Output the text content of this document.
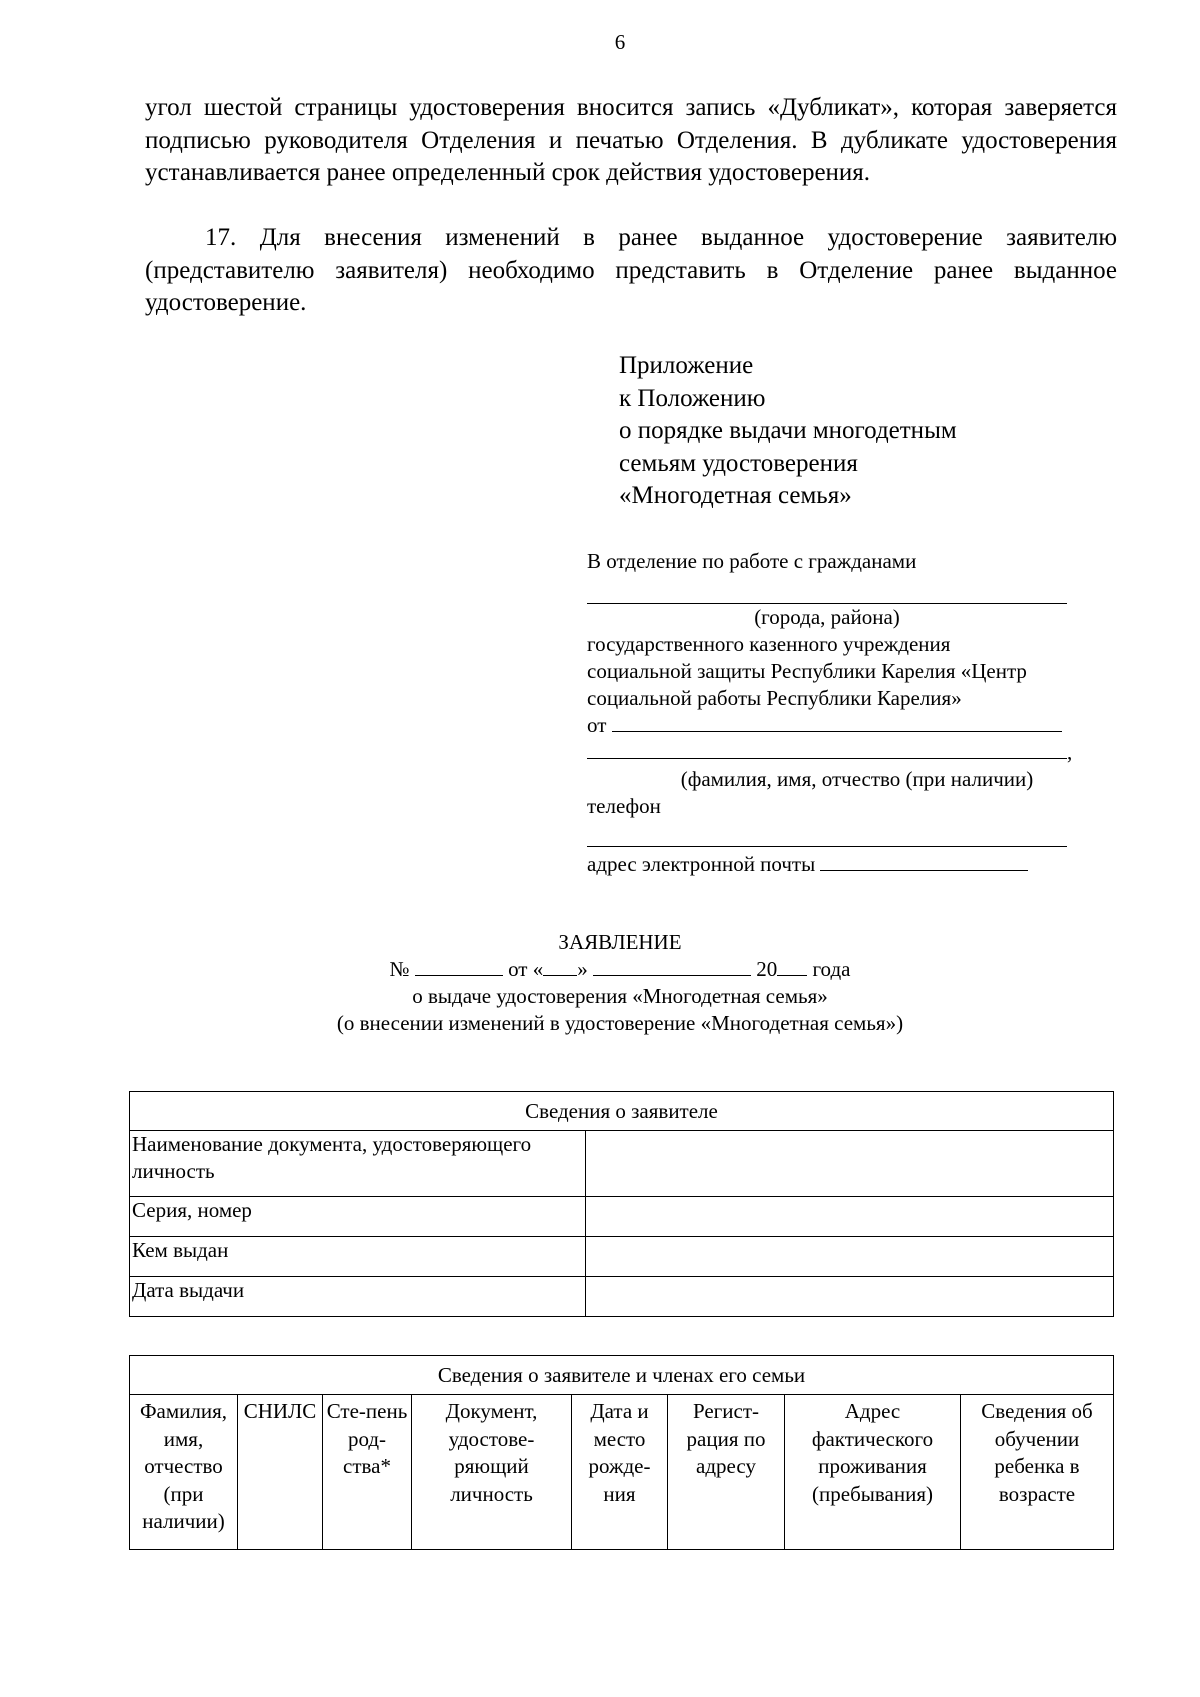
6
угол шестой страницы удостоверения вносится запись «Дубликат», которая заверяется подписью руководителя Отделения и печатью Отделения. В дубликате удостоверения устанавливается ранее определенный срок действия удостоверения.
17. Для внесения изменений в ранее выданное удостоверение заявителю (представителю заявителя) необходимо представить в Отделение ранее выданное удостоверение.
Приложение
к Положению
о порядке выдачи многодетным
семьям удостоверения
«Многодетная семья»
В отделение по работе с гражданами
(города, района)
государственного казенного учреждения
социальной защиты Республики Карелия «Центр
социальной работы Республики Карелия»
от
,
(фамилия, имя, отчество (при наличии)
телефон
адрес электронной почты
ЗАЯВЛЕНИЕ
№	от « »	20 года
о выдаче удостоверения «Многодетная семья»
(о внесении изменений в удостоверение «Многодетная семья»)
Сведения о заявителе	
Наименование документа, удостоверяющего личность	
Серия, номер	
Кем выдан	
Дата выдачи	
Сведения о заявителе и членах его семьи
Фамилия, имя, отчество (при наличии)	СНИЛС	Сте-пень род-ства*	Документ, удостове-ряющий личность	Дата и место рожде-ния	Регист-рация по адресу	Адрес фактического проживания (пребывания)	Сведения об обучении ребенка в возрасте
